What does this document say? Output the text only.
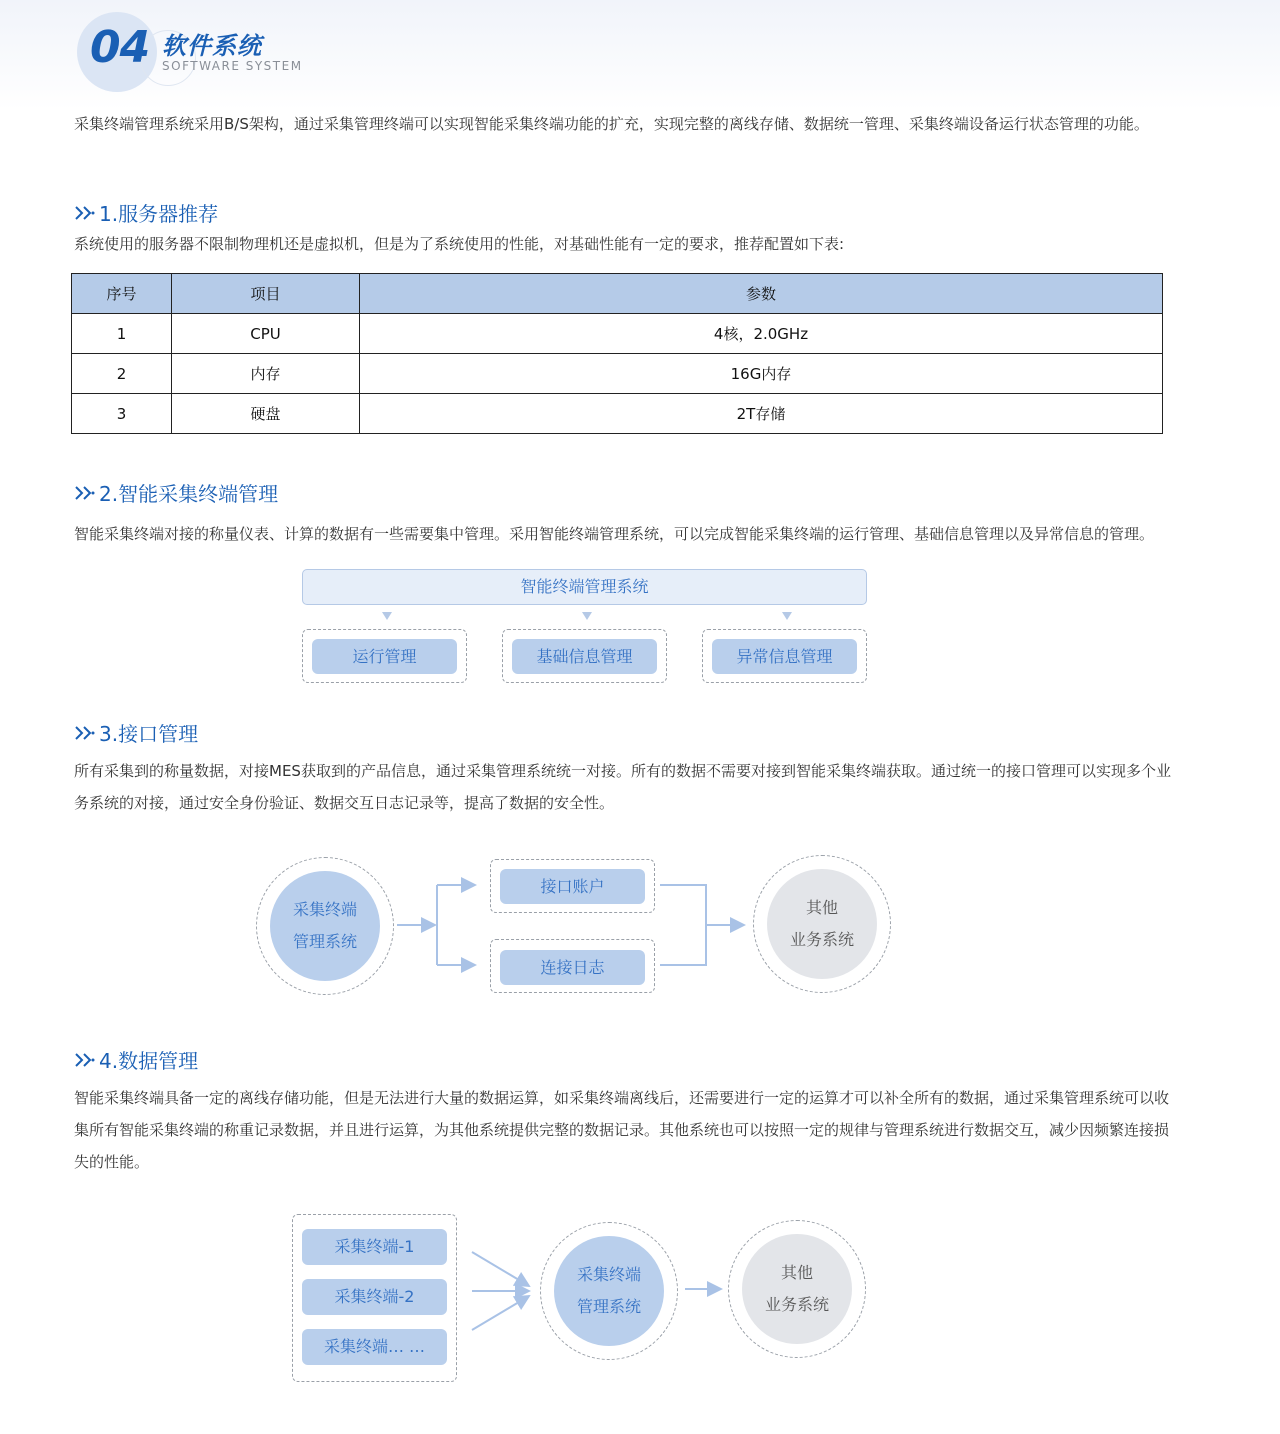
04 软件系统
SOFTWARE SYSTEM

采集终端管理系统采用B/S架构，通过采集管理终端可以实现智能采集终端功能的扩充，实现完整的离线存储、数据统一管理、采集终端设备运行状态管理的功能。

1.服务器推荐

系统使用的服务器不限制物理机还是虚拟机，但是为了系统使用的性能，对基础性能有一定的要求，推荐配置如下表:

序号	项目	参数
1	CPU	4核，2.0GHz
2	内存	16G内存
3	硬盘	2T存储
2.智能采集终端管理

智能采集终端对接的称量仪表、计算的数据有一些需要集中管理。采用智能终端管理系统，可以完成智能采集终端的运行管理、基础信息管理以及异常信息的管理。

智能终端管理系统
运行管理	基础信息管理	异常信息管理
3.接口管理

所有采集到的称量数据，对接MES获取到的产品信息，通过采集管理系统统一对接。所有的数据不需要对接到智能采集终端获取。通过统一的接口管理可以实现多个业务系统的对接，通过安全身份验证、数据交互日志记录等，提高了数据的安全性。

采集终端
管理系统
接口账户
连接日志
其他
业务系统
4.数据管理

智能采集终端具备一定的离线存储功能，但是无法进行大量的数据运算，如采集终端离线后，还需要进行一定的运算才可以补全所有的数据，通过采集管理系统可以收集所有智能采集终端的称重记录数据，并且进行运算，为其他系统提供完整的数据记录。其他系统也可以按照一定的规律与管理系统进行数据交互，减少因频繁连接损失的性能。

采集终端-1
采集终端-2
采集终端… …
采集终端
管理系统
其他
业务系统
